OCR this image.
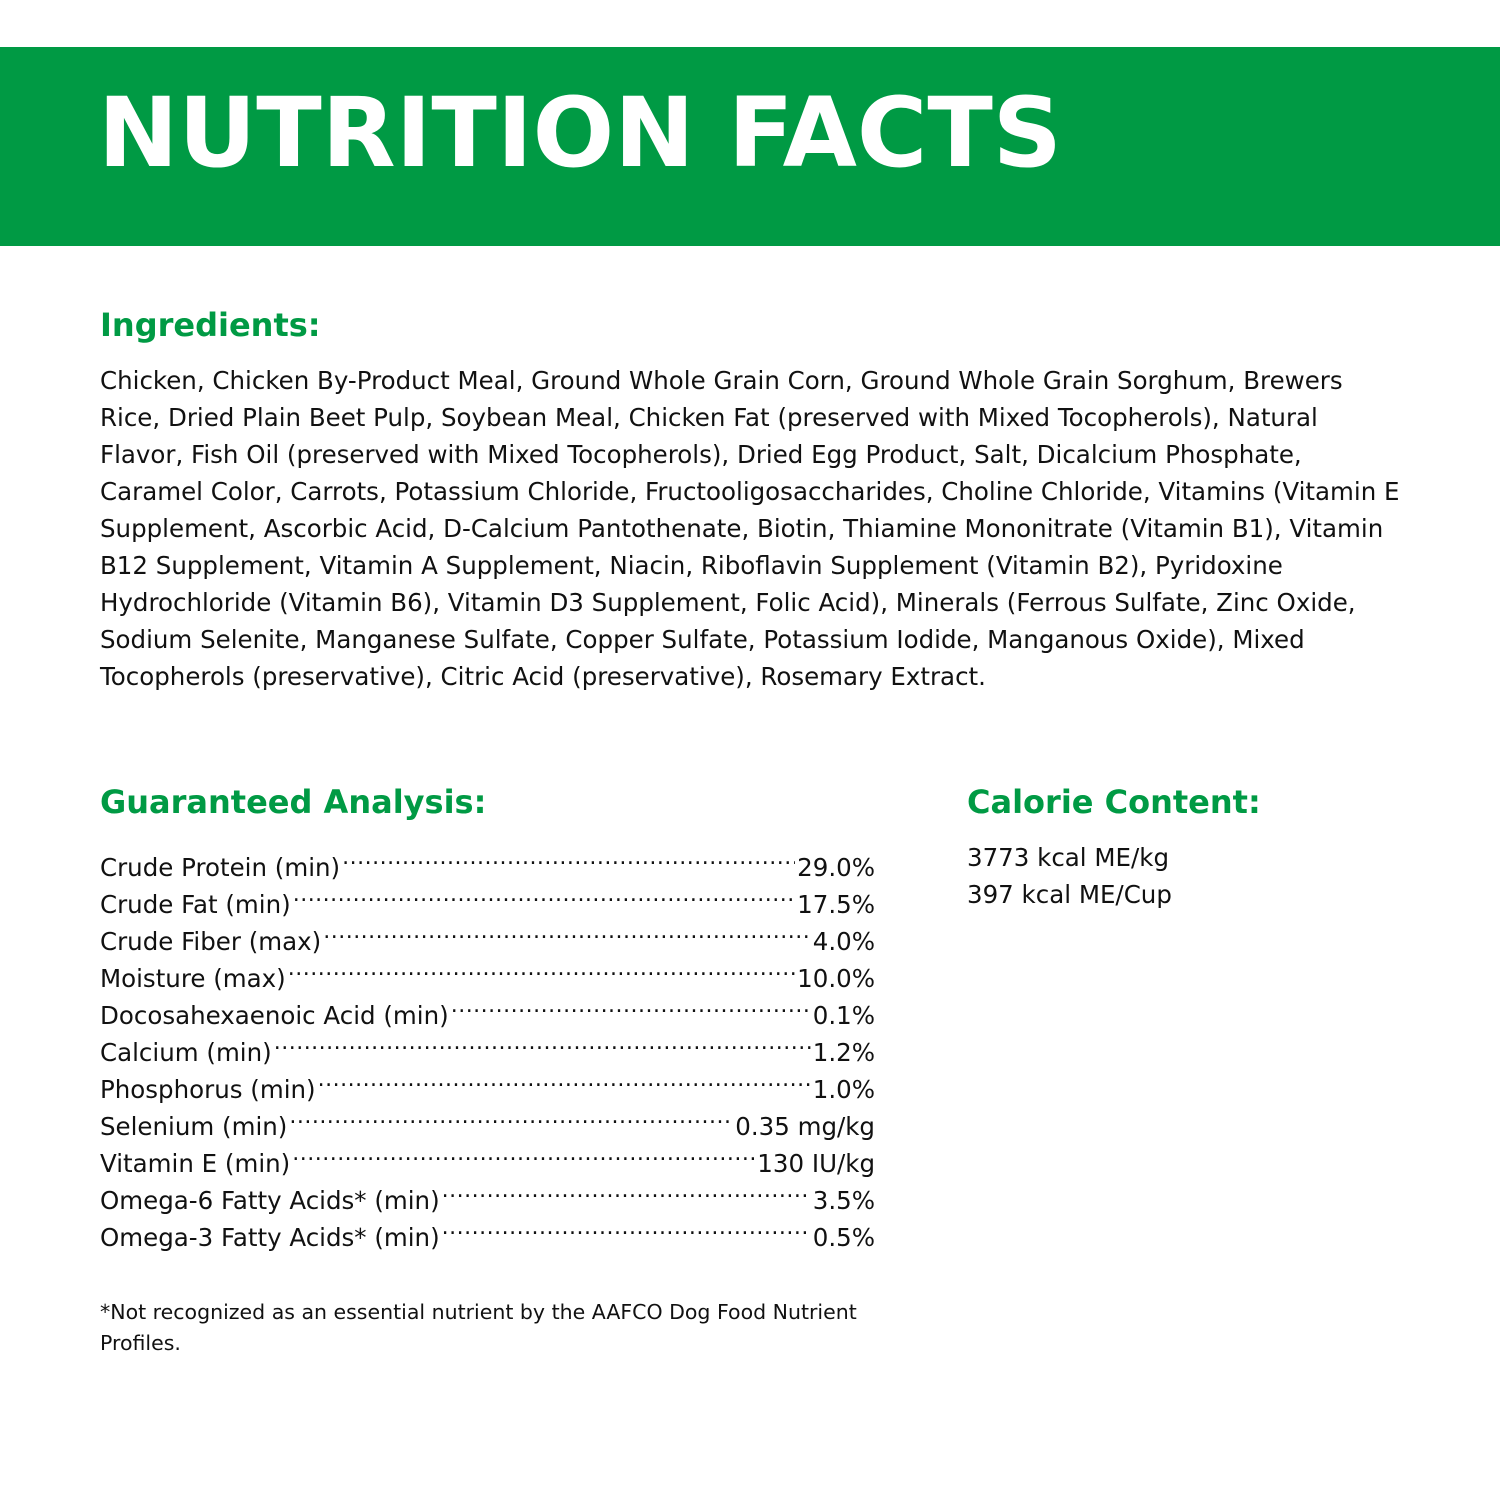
NUTRITION FACTS
Ingredients:

Chicken, Chicken By-Product Meal, Ground Whole Grain Corn, Ground Whole Grain Sorghum, Brewers Rice, Dried Plain Beet Pulp, Soybean Meal, Chicken Fat (preserved with Mixed Tocopherols), Natural Flavor, Fish Oil (preserved with Mixed Tocopherols), Dried Egg Product, Salt, Dicalcium Phosphate, Caramel Color, Carrots, Potassium Chloride, Fructooligosaccharides, Choline Chloride, Vitamins (Vitamin E Supplement, Ascorbic Acid, D-Calcium Pantothenate, Biotin, Thiamine Mononitrate (Vitamin B1), Vitamin B12 Supplement, Vitamin A Supplement, Niacin, Riboflavin Supplement (Vitamin B2), Pyridoxine Hydrochloride (Vitamin B6), Vitamin D3 Supplement, Folic Acid), Minerals (Ferrous Sulfate, Zinc Oxide, Sodium Selenite, Manganese Sulfate, Copper Sulfate, Potassium Iodide, Manganous Oxide), Mixed Tocopherols (preservative), Citric Acid (preservative), Rosemary Extract.

Guaranteed Analysis:
Crude Protein (min) .....	29.0%
Crude Fat (min) .....	17.5%
Crude Fiber (max) .....	4.0%
Moisture (max) .....	10.0%
Docosahexaenoic Acid (min) .....	0.1%
Calcium (min) .....	1.2%
Phosphorus (min) .....	1.0%
Selenium (min) .....	0.35 mg/kg
Vitamin E (min) .....	130 IU/kg
Omega-6 Fatty Acids* (min) .....	3.5%
Omega-3 Fatty Acids* (min) .....	0.5%
Calorie Content:
3773 kcal ME/kg
397 kcal ME/Cup

*Not recognized as an essential nutrient by the AAFCO Dog Food Nutrient Profiles.
